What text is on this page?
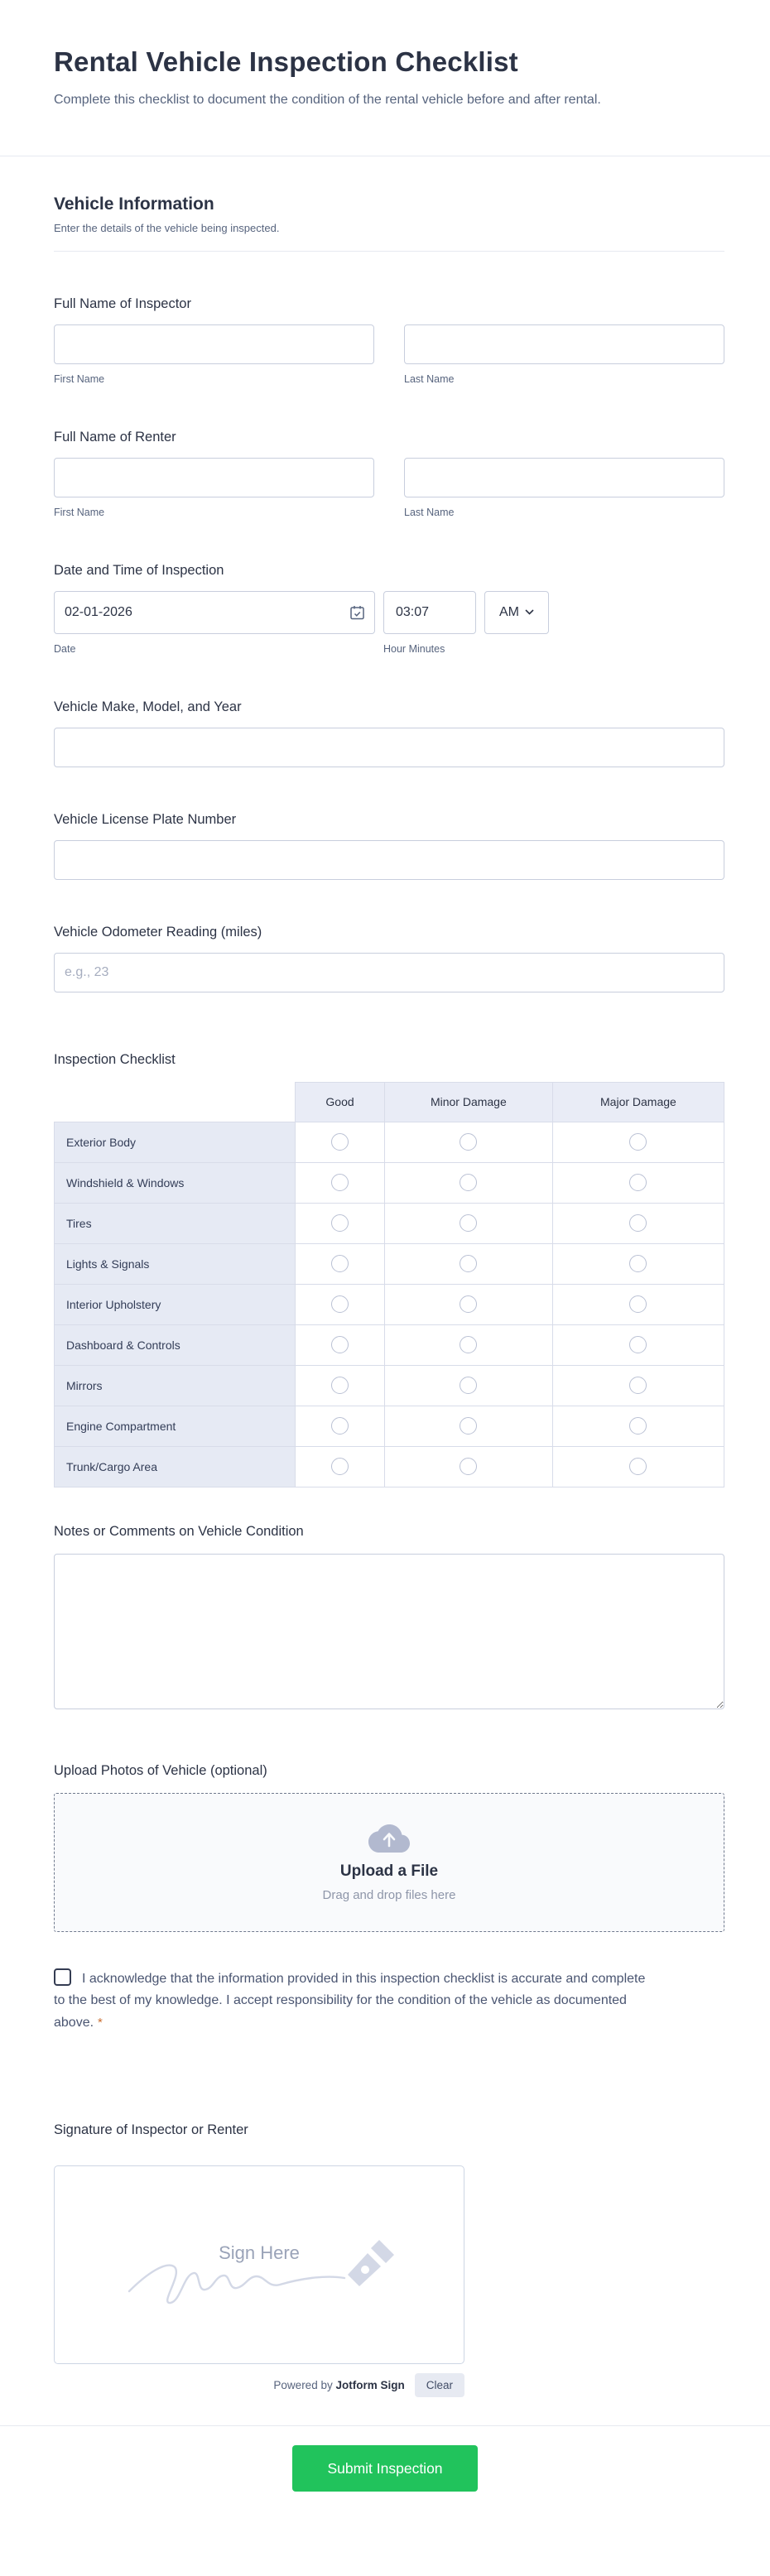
Rental Vehicle Inspection Checklist

Complete this checklist to document the condition of the rental vehicle before and after rental.

Vehicle Information

Enter the details of the vehicle being inspected.

Full Name of Inspector
First Name	Last Name
Full Name of Renter
First Name	Last Name
Date and Time of Inspection
02-01-2026
03:07
AM
Date	Hour Minutes
Vehicle Make, Model, and Year
Vehicle License Plate Number
Vehicle Odometer Reading (miles)
e.g., 23
Inspection Checklist
	Good	Minor Damage	Major Damage
Exterior Body			
Windshield & Windows			
Tires			
Lights & Signals			
Interior Upholstery			
Dashboard & Controls			
Mirrors			
Engine Compartment			
Trunk/Cargo Area			
Notes or Comments on Vehicle Condition
Upload Photos of Vehicle (optional)
Upload a File
Drag and drop files here
I acknowledge that the information provided in this inspection checklist is accurate and complete to the best of my knowledge. I accept responsibility for the condition of the vehicle as documented above. *
Signature of Inspector or Renter
Sign Here
Powered by Jotform Sign	Clear
Submit Inspection
